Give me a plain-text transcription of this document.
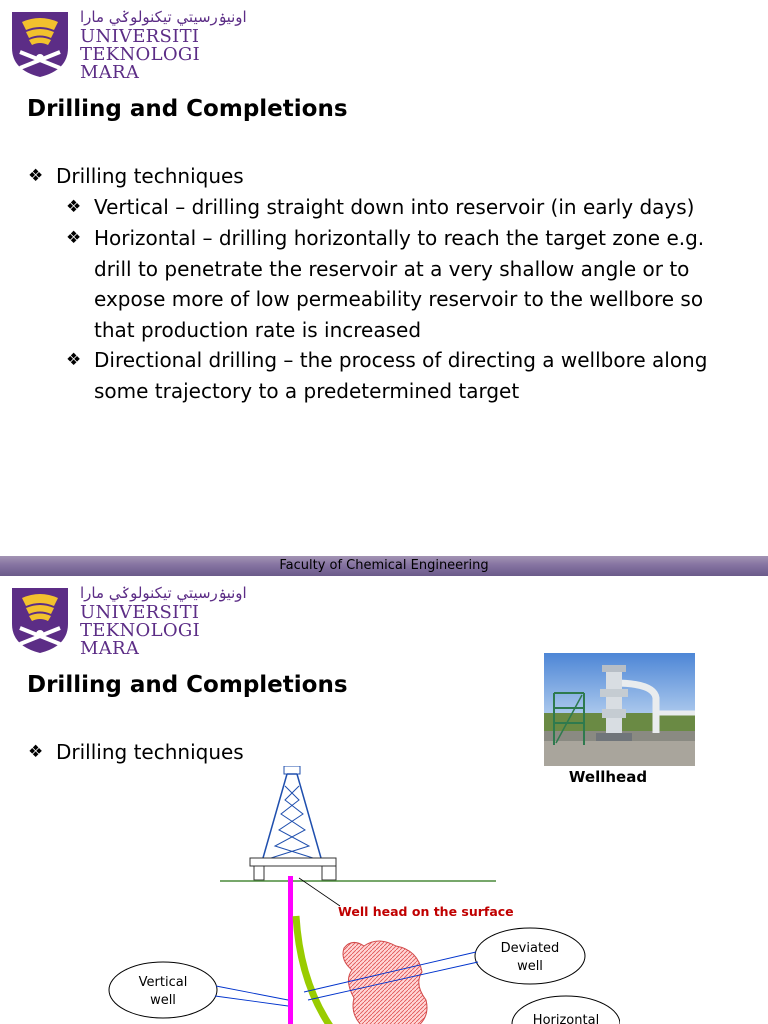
اونيۏرسيتي تيکنولوݢي مارا
UNIVERSITI
TEKNOLOGI
MARA
Drilling and Completions
❖ Drilling techniques
❖ Vertical – drilling straight down into reservoir (in early days)
❖ Horizontal – drilling horizontally to reach the target zone e.g.
drill to penetrate the reservoir at a very shallow angle or to
expose more of low permeability reservoir to the wellbore so
that production rate is increased
❖ Directional drilling – the process of directing a wellbore along
some trajectory to a predetermined target
Faculty of Chemical Engineering
اونيۏرسيتي تيکنولوݢي مارا
UNIVERSITI
TEKNOLOGI
MARA
Drilling and Completions
❖ Drilling techniques
Wellhead
Well head on the surface
Deviated
well
Vertical
well
Horizontal
